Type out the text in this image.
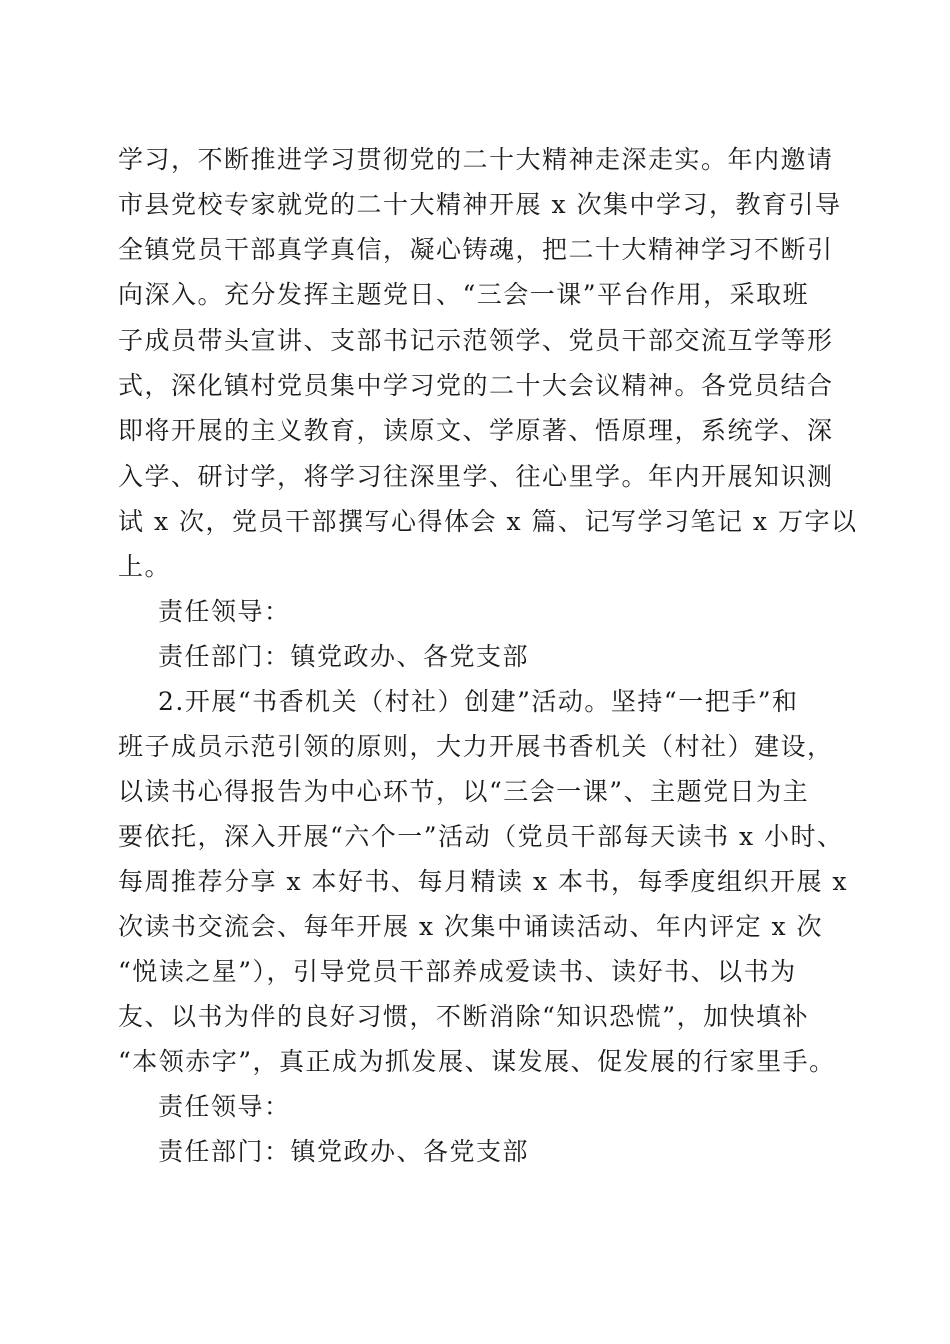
学习，不断推进学习贯彻党的二十大精神走深走实。年内邀请
市县党校专家就党的二十大精神开展 x 次集中学习，教育引导
全镇党员干部真学真信，凝心铸魂，把二十大精神学习不断引
向深入。充分发挥主题党日、“三会一课”平台作用，采取班
子成员带头宣讲、支部书记示范领学、党员干部交流互学等形
式，深化镇村党员集中学习党的二十大会议精神。各党员结合
即将开展的主义教育，读原文、学原著、悟原理，系统学、深
入学、研讨学，将学习往深里学、往心里学。年内开展知识测
试 x 次，党员干部撰写心得体会 x 篇、记写学习笔记 x 万字以
上。
责任领导：
责任部门：镇党政办、各党支部
2.开展“书香机关（村社）创建”活动。坚持“一把手”和
班子成员示范引领的原则，大力开展书香机关（村社）建设，
以读书心得报告为中心环节，以“三会一课”、主题党日为主
要依托，深入开展“六个一”活动（党员干部每天读书 x 小时、
每周推荐分享 x 本好书、每月精读 x 本书，每季度组织开展 x
次读书交流会、每年开展 x 次集中诵读活动、年内评定 x 次
“悦读之星”），引导党员干部养成爱读书、读好书、以书为
友、以书为伴的良好习惯，不断消除“知识恐慌”，加快填补
“本领赤字”，真正成为抓发展、谋发展、促发展的行家里手。
责任领导：
责任部门：镇党政办、各党支部
